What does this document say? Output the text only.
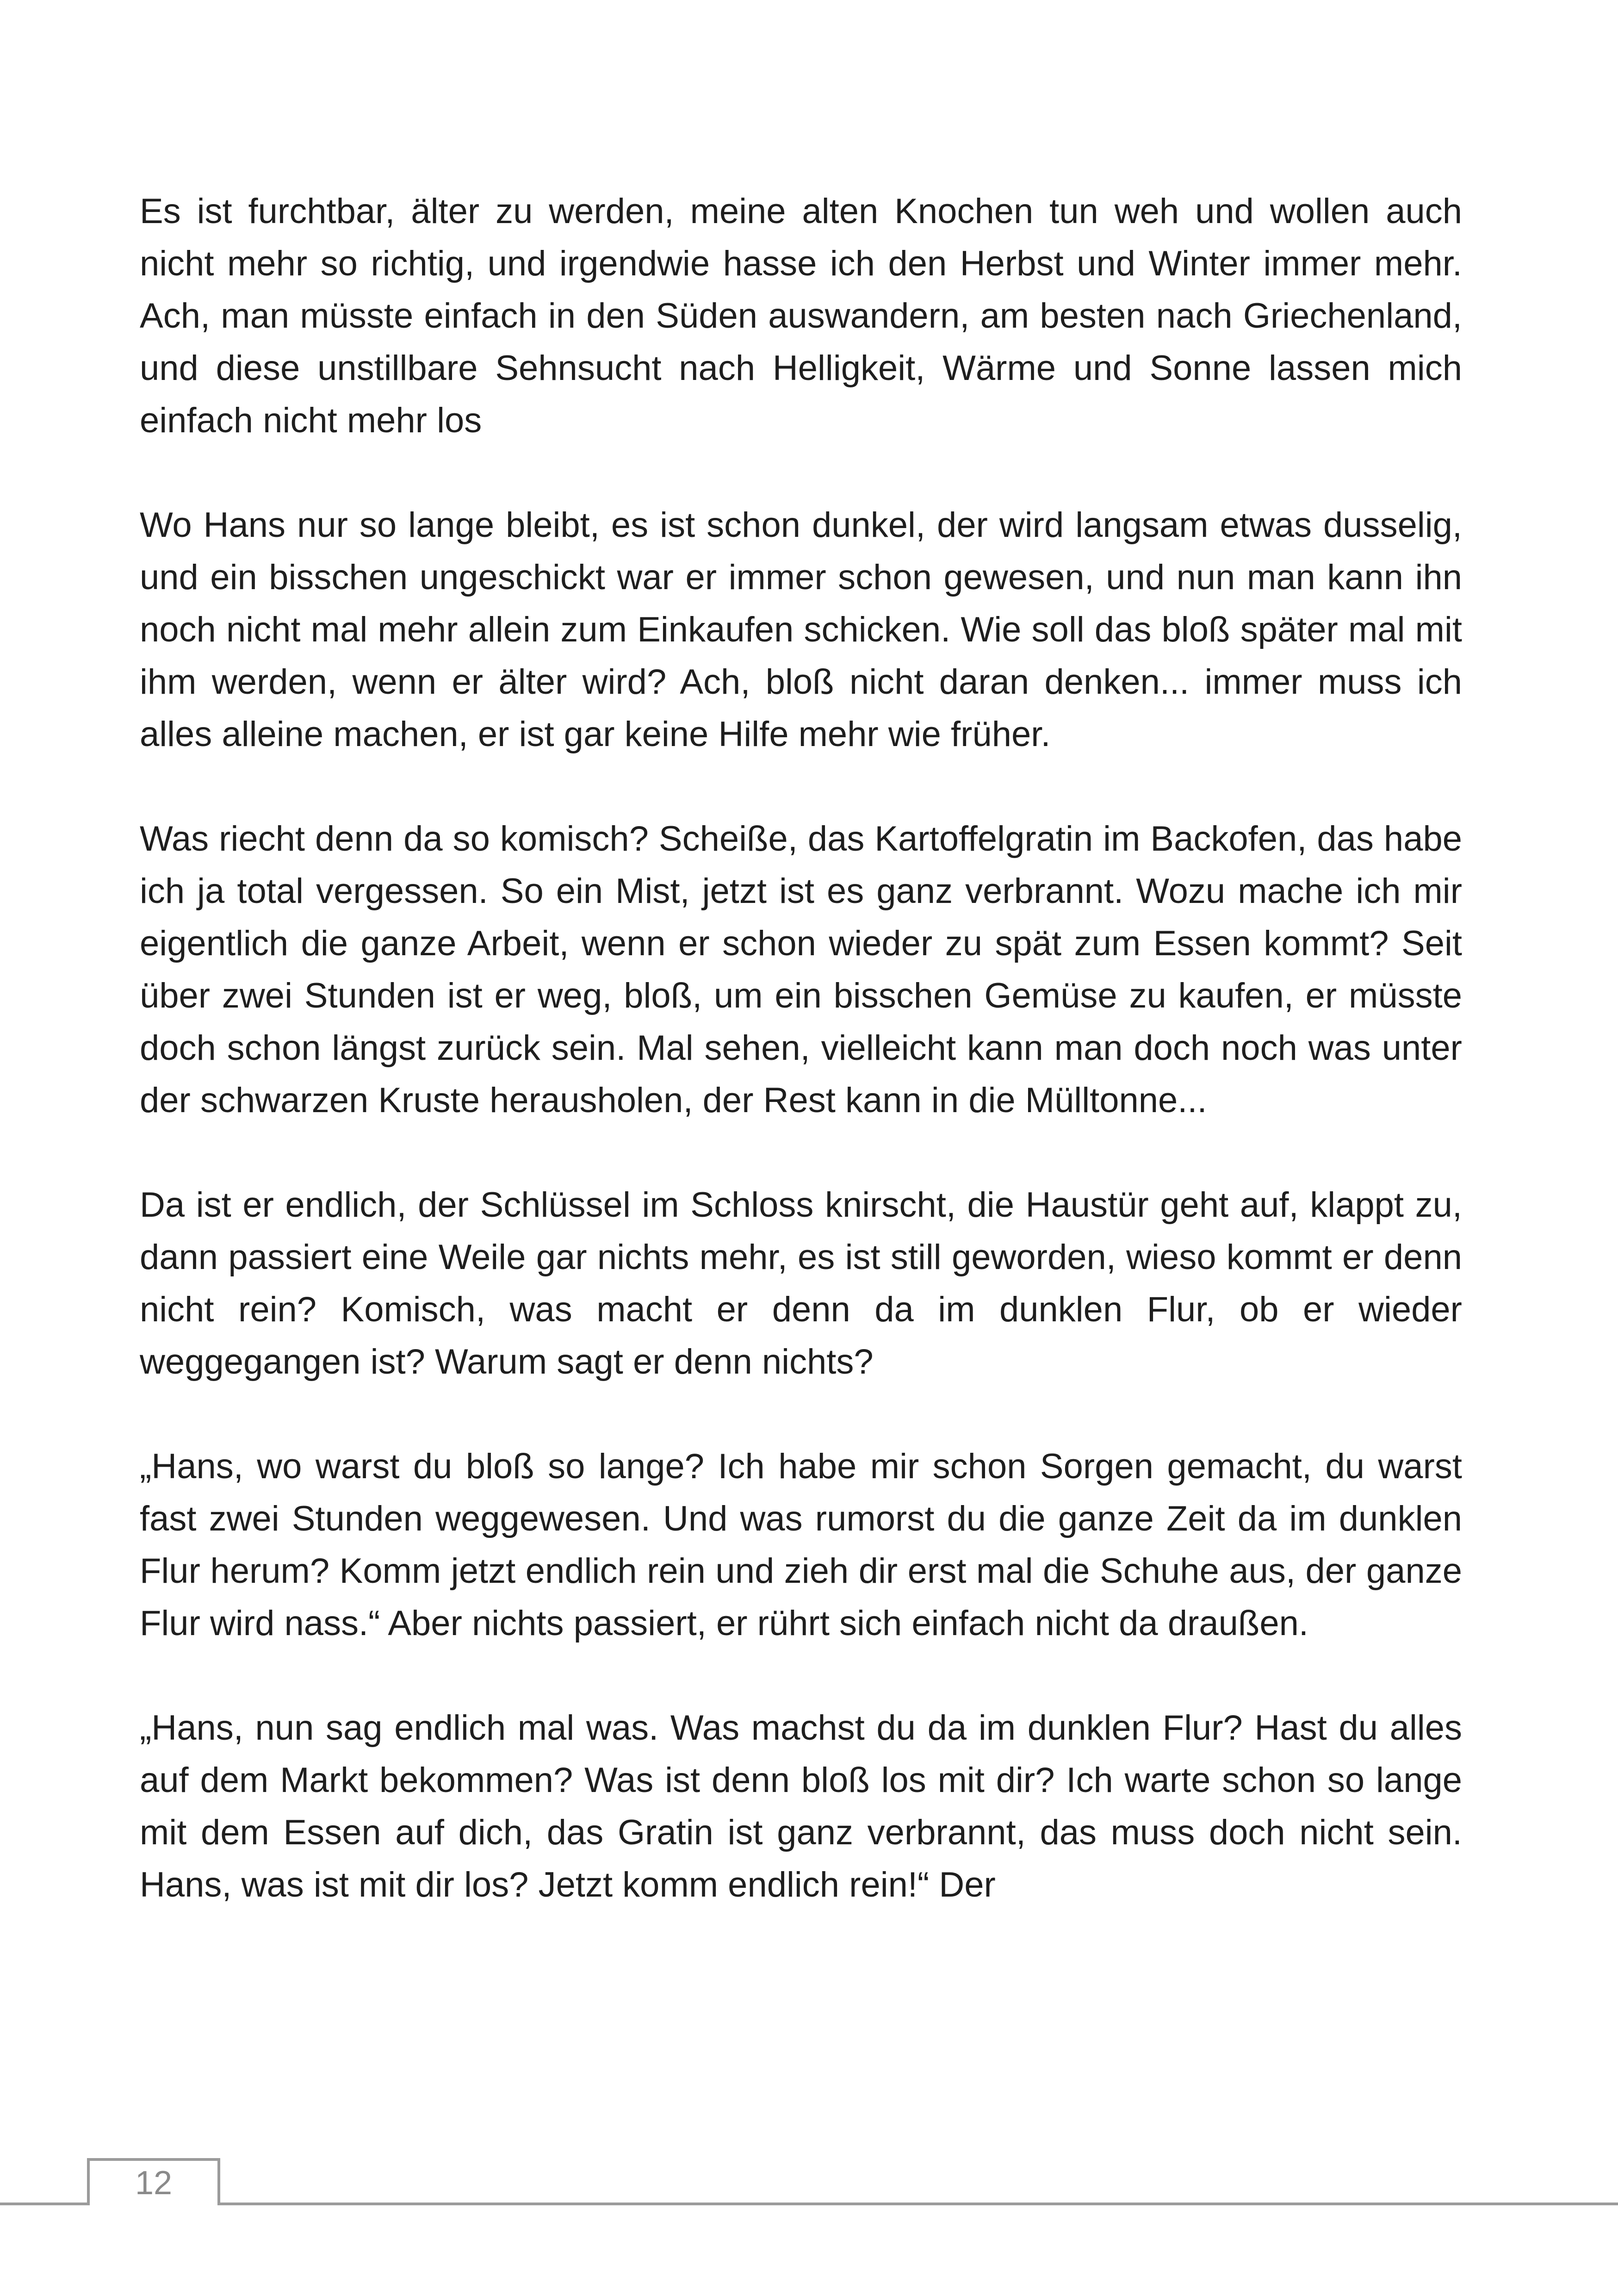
Es ist furchtbar, älter zu werden, meine alten Knochen tun weh und wollen auch nicht mehr so richtig, und irgendwie hasse ich den Herbst und Winter immer mehr. Ach, man müsste einfach in den Süden auswandern, am besten nach Griechenland, und diese unstillbare Sehnsucht nach Helligkeit, Wärme und Sonne lassen mich einfach nicht mehr los

Wo Hans nur so lange bleibt, es ist schon dunkel, der wird langsam etwas dusselig, und ein bisschen ungeschickt war er immer schon gewesen, und nun man kann ihn noch nicht mal mehr allein zum Einkaufen schicken. Wie soll das bloß später mal mit ihm werden, wenn er älter wird? Ach, bloß nicht daran denken... immer muss ich alles alleine machen, er ist gar keine Hilfe mehr wie früher.

Was riecht denn da so komisch? Scheiße, das Kartoffelgratin im Backofen, das habe ich ja total vergessen. So ein Mist, jetzt ist es ganz verbrannt. Wozu mache ich mir eigentlich die ganze Arbeit, wenn er schon wieder zu spät zum Essen kommt? Seit über zwei Stunden ist er weg, bloß, um ein bisschen Gemüse zu kaufen, er müsste doch schon längst zurück sein. Mal sehen, vielleicht kann man doch noch was unter der schwarzen Kruste herausholen, der Rest kann in die Mülltonne...

Da ist er endlich, der Schlüssel im Schloss knirscht, die Haustür geht auf, klappt zu, dann passiert eine Weile gar nichts mehr, es ist still geworden, wieso kommt er denn nicht rein? Komisch, was macht er denn da im dunklen Flur, ob er wieder weggegangen ist? Warum sagt er denn nichts?

„Hans, wo warst du bloß so lange? Ich habe mir schon Sorgen gemacht, du warst fast zwei Stunden weggewesen. Und was rumorst du die ganze Zeit da im dunklen Flur herum? Komm jetzt endlich rein und zieh dir erst mal die Schuhe aus, der ganze Flur wird nass.“ Aber nichts passiert, er rührt sich einfach nicht da draußen.

„Hans, nun sag endlich mal was. Was machst du da im dunklen Flur? Hast du alles auf dem Markt bekommen? Was ist denn bloß los mit dir? Ich warte schon so lange mit dem Essen auf dich, das Gratin ist ganz verbrannt, das muss doch nicht sein. Hans, was ist mit dir los? Jetzt komm endlich rein!“ Der

12
